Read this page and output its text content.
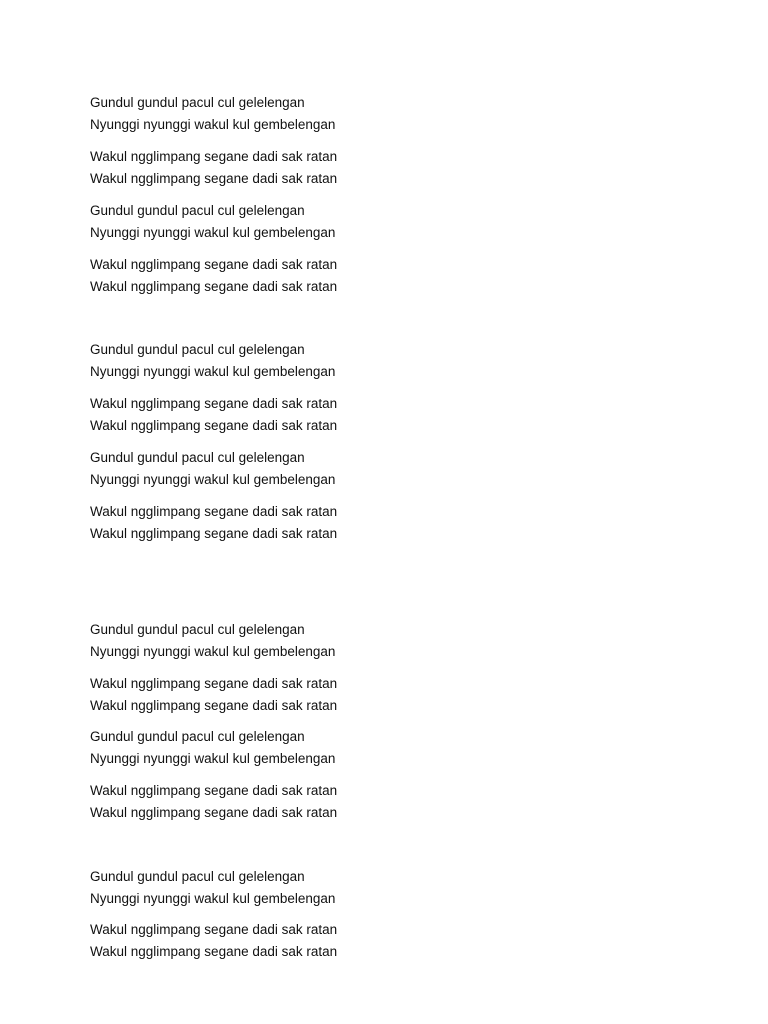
Gundul gundul pacul cul gelelengan
Nyunggi nyunggi wakul kul gembelengan
Wakul ngglimpang segane dadi sak ratan
Wakul ngglimpang segane dadi sak ratan
Gundul gundul pacul cul gelelengan
Nyunggi nyunggi wakul kul gembelengan
Wakul ngglimpang segane dadi sak ratan
Wakul ngglimpang segane dadi sak ratan
Gundul gundul pacul cul gelelengan
Nyunggi nyunggi wakul kul gembelengan
Wakul ngglimpang segane dadi sak ratan
Wakul ngglimpang segane dadi sak ratan
Gundul gundul pacul cul gelelengan
Nyunggi nyunggi wakul kul gembelengan
Wakul ngglimpang segane dadi sak ratan
Wakul ngglimpang segane dadi sak ratan
Gundul gundul pacul cul gelelengan
Nyunggi nyunggi wakul kul gembelengan
Wakul ngglimpang segane dadi sak ratan
Wakul ngglimpang segane dadi sak ratan
Gundul gundul pacul cul gelelengan
Nyunggi nyunggi wakul kul gembelengan
Wakul ngglimpang segane dadi sak ratan
Wakul ngglimpang segane dadi sak ratan
Gundul gundul pacul cul gelelengan
Nyunggi nyunggi wakul kul gembelengan
Wakul ngglimpang segane dadi sak ratan
Wakul ngglimpang segane dadi sak ratan
